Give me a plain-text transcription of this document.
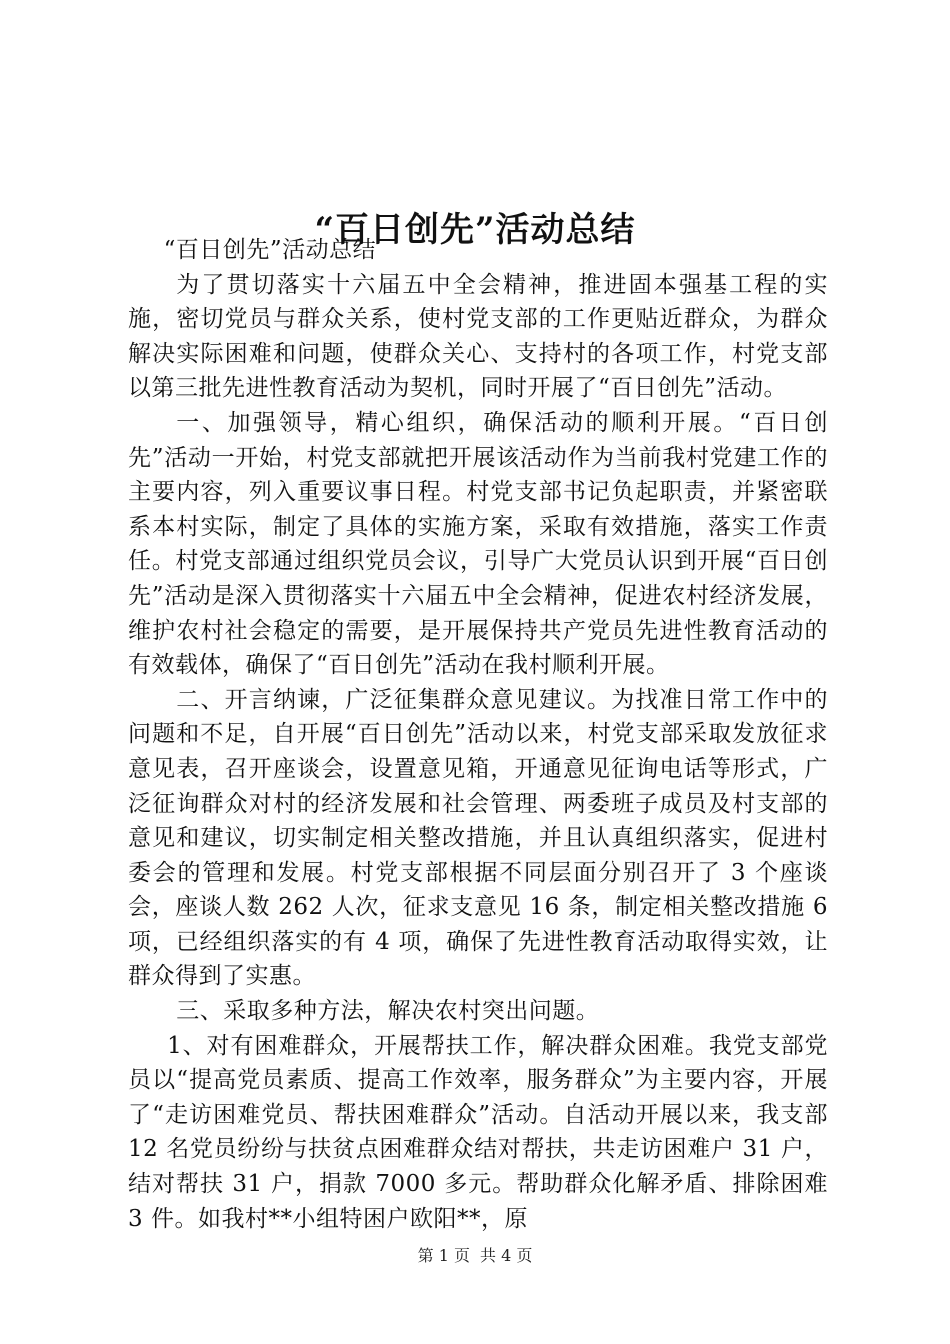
“百日创先”活动总结

“百日创先”活动总结

为了贯切落实十六届五中全会精神，推进固本强基工程的实施，密切党员与群众关系，使村党支部的工作更贴近群众，为群众解决实际困难和问题，使群众关心、支持村的各项工作，村党支部以第三批先进性教育活动为契机，同时开展了“百日创先”活动。

一、加强领导，精心组织，确保活动的顺利开展。“百日创先”活动一开始，村党支部就把开展该活动作为当前我村党建工作的主要内容，列入重要议事日程。村党支部书记负起职责，并紧密联系本村实际，制定了具体的实施方案，采取有效措施，落实工作责任。村党支部通过组织党员会议，引导广大党员认识到开展“百日创先”活动是深入贯彻落实十六届五中全会精神，促进农村经济发展，维护农村社会稳定的需要，是开展保持共产党员先进性教育活动的有效载体，确保了“百日创先”活动在我村顺利开展。

二、开言纳谏，广泛征集群众意见建议。为找准日常工作中的问题和不足，自开展“百日创先”活动以来，村党支部采取发放征求意见表，召开座谈会，设置意见箱，开通意见征询电话等形式，广泛征询群众对村的经济发展和社会管理、两委班子成员及村支部的意见和建议，切实制定相关整改措施，并且认真组织落实，促进村委会的管理和发展。村党支部根据不同层面分别召开了 3 个座谈会，座谈人数 262 人次，征求支意见 16 条，制定相关整改措施 6 项，已经组织落实的有 4 项，确保了先进性教育活动取得实效，让群众得到了实惠。

三、采取多种方法，解决农村突出问题。

1、对有困难群众，开展帮扶工作，解决群众困难。我党支部党员以“提高党员素质、提高工作效率，服务群众”为主要内容，开展了“走访困难党员、帮扶困难群众”活动。自活动开展以来，我支部 12 名党员纷纷与扶贫点困难群众结对帮扶，共走访困难户 31 户，结对帮扶 31 户，捐款 7000 多元。帮助群众化解矛盾、排除困难 3 件。如我村**小组特困户欧阳**，原

第 1 页 共 4 页
